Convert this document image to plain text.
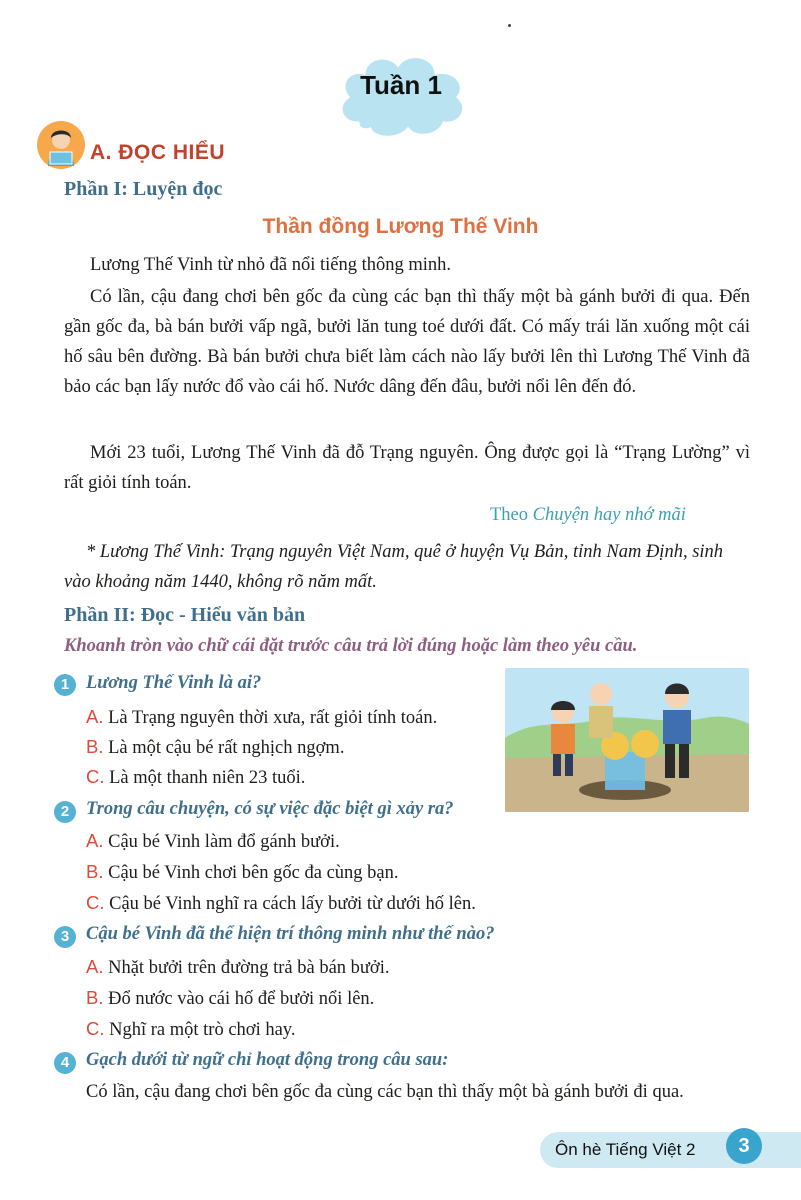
Tuần 1
A. ĐỌC HIỂU
Phần I: Luyện đọc
Thần đồng Lương Thế Vinh

Lương Thế Vinh từ nhỏ đã nổi tiếng thông minh.

Có lần, cậu đang chơi bên gốc đa cùng các bạn thì thấy một bà gánh bưởi đi qua. Đến gần gốc đa, bà bán bưởi vấp ngã, bưởi lăn tung toé dưới đất. Có mấy trái lăn xuống một cái hố sâu bên đường. Bà bán bưởi chưa biết làm cách nào lấy bưởi lên thì Lương Thế Vinh đã bảo các bạn lấy nước đổ vào cái hố. Nước dâng đến đâu, bưởi nổi lên đến đó.

Mới 23 tuổi, Lương Thế Vinh đã đỗ Trạng nguyên. Ông được gọi là “Trạng Lường” vì rất giỏi tính toán.

Theo Chuyện hay nhớ mãi

* Lương Thế Vinh: Trạng nguyên Việt Nam, quê ở huyện Vụ Bản, tỉnh Nam Định, sinh vào khoảng năm 1440, không rõ năm mất.

Phần II: Đọc - Hiểu văn bản
Khoanh tròn vào chữ cái đặt trước câu trả lời đúng hoặc làm theo yêu cầu.
1 Lương Thế Vinh là ai?
A. Là Trạng nguyên thời xưa, rất giỏi tính toán.
B. Là một cậu bé rất nghịch ngợm.
C. Là một thanh niên 23 tuổi.
2 Trong câu chuyện, có sự việc đặc biệt gì xảy ra?
A. Cậu bé Vinh làm đổ gánh bưởi.
B. Cậu bé Vinh chơi bên gốc đa cùng bạn.
C. Cậu bé Vinh nghĩ ra cách lấy bưởi từ dưới hố lên.
3 Cậu bé Vinh đã thể hiện trí thông minh như thế nào?
A. Nhặt bưởi trên đường trả bà bán bưởi.
B. Đổ nước vào cái hố để bưởi nổi lên.
C. Nghĩ ra một trò chơi hay.
4 Gạch dưới từ ngữ chỉ hoạt động trong câu sau:
Có lần, cậu đang chơi bên gốc đa cùng các bạn thì thấy một bà gánh bưởi đi qua.
Ôn hè Tiếng Việt 2	3
